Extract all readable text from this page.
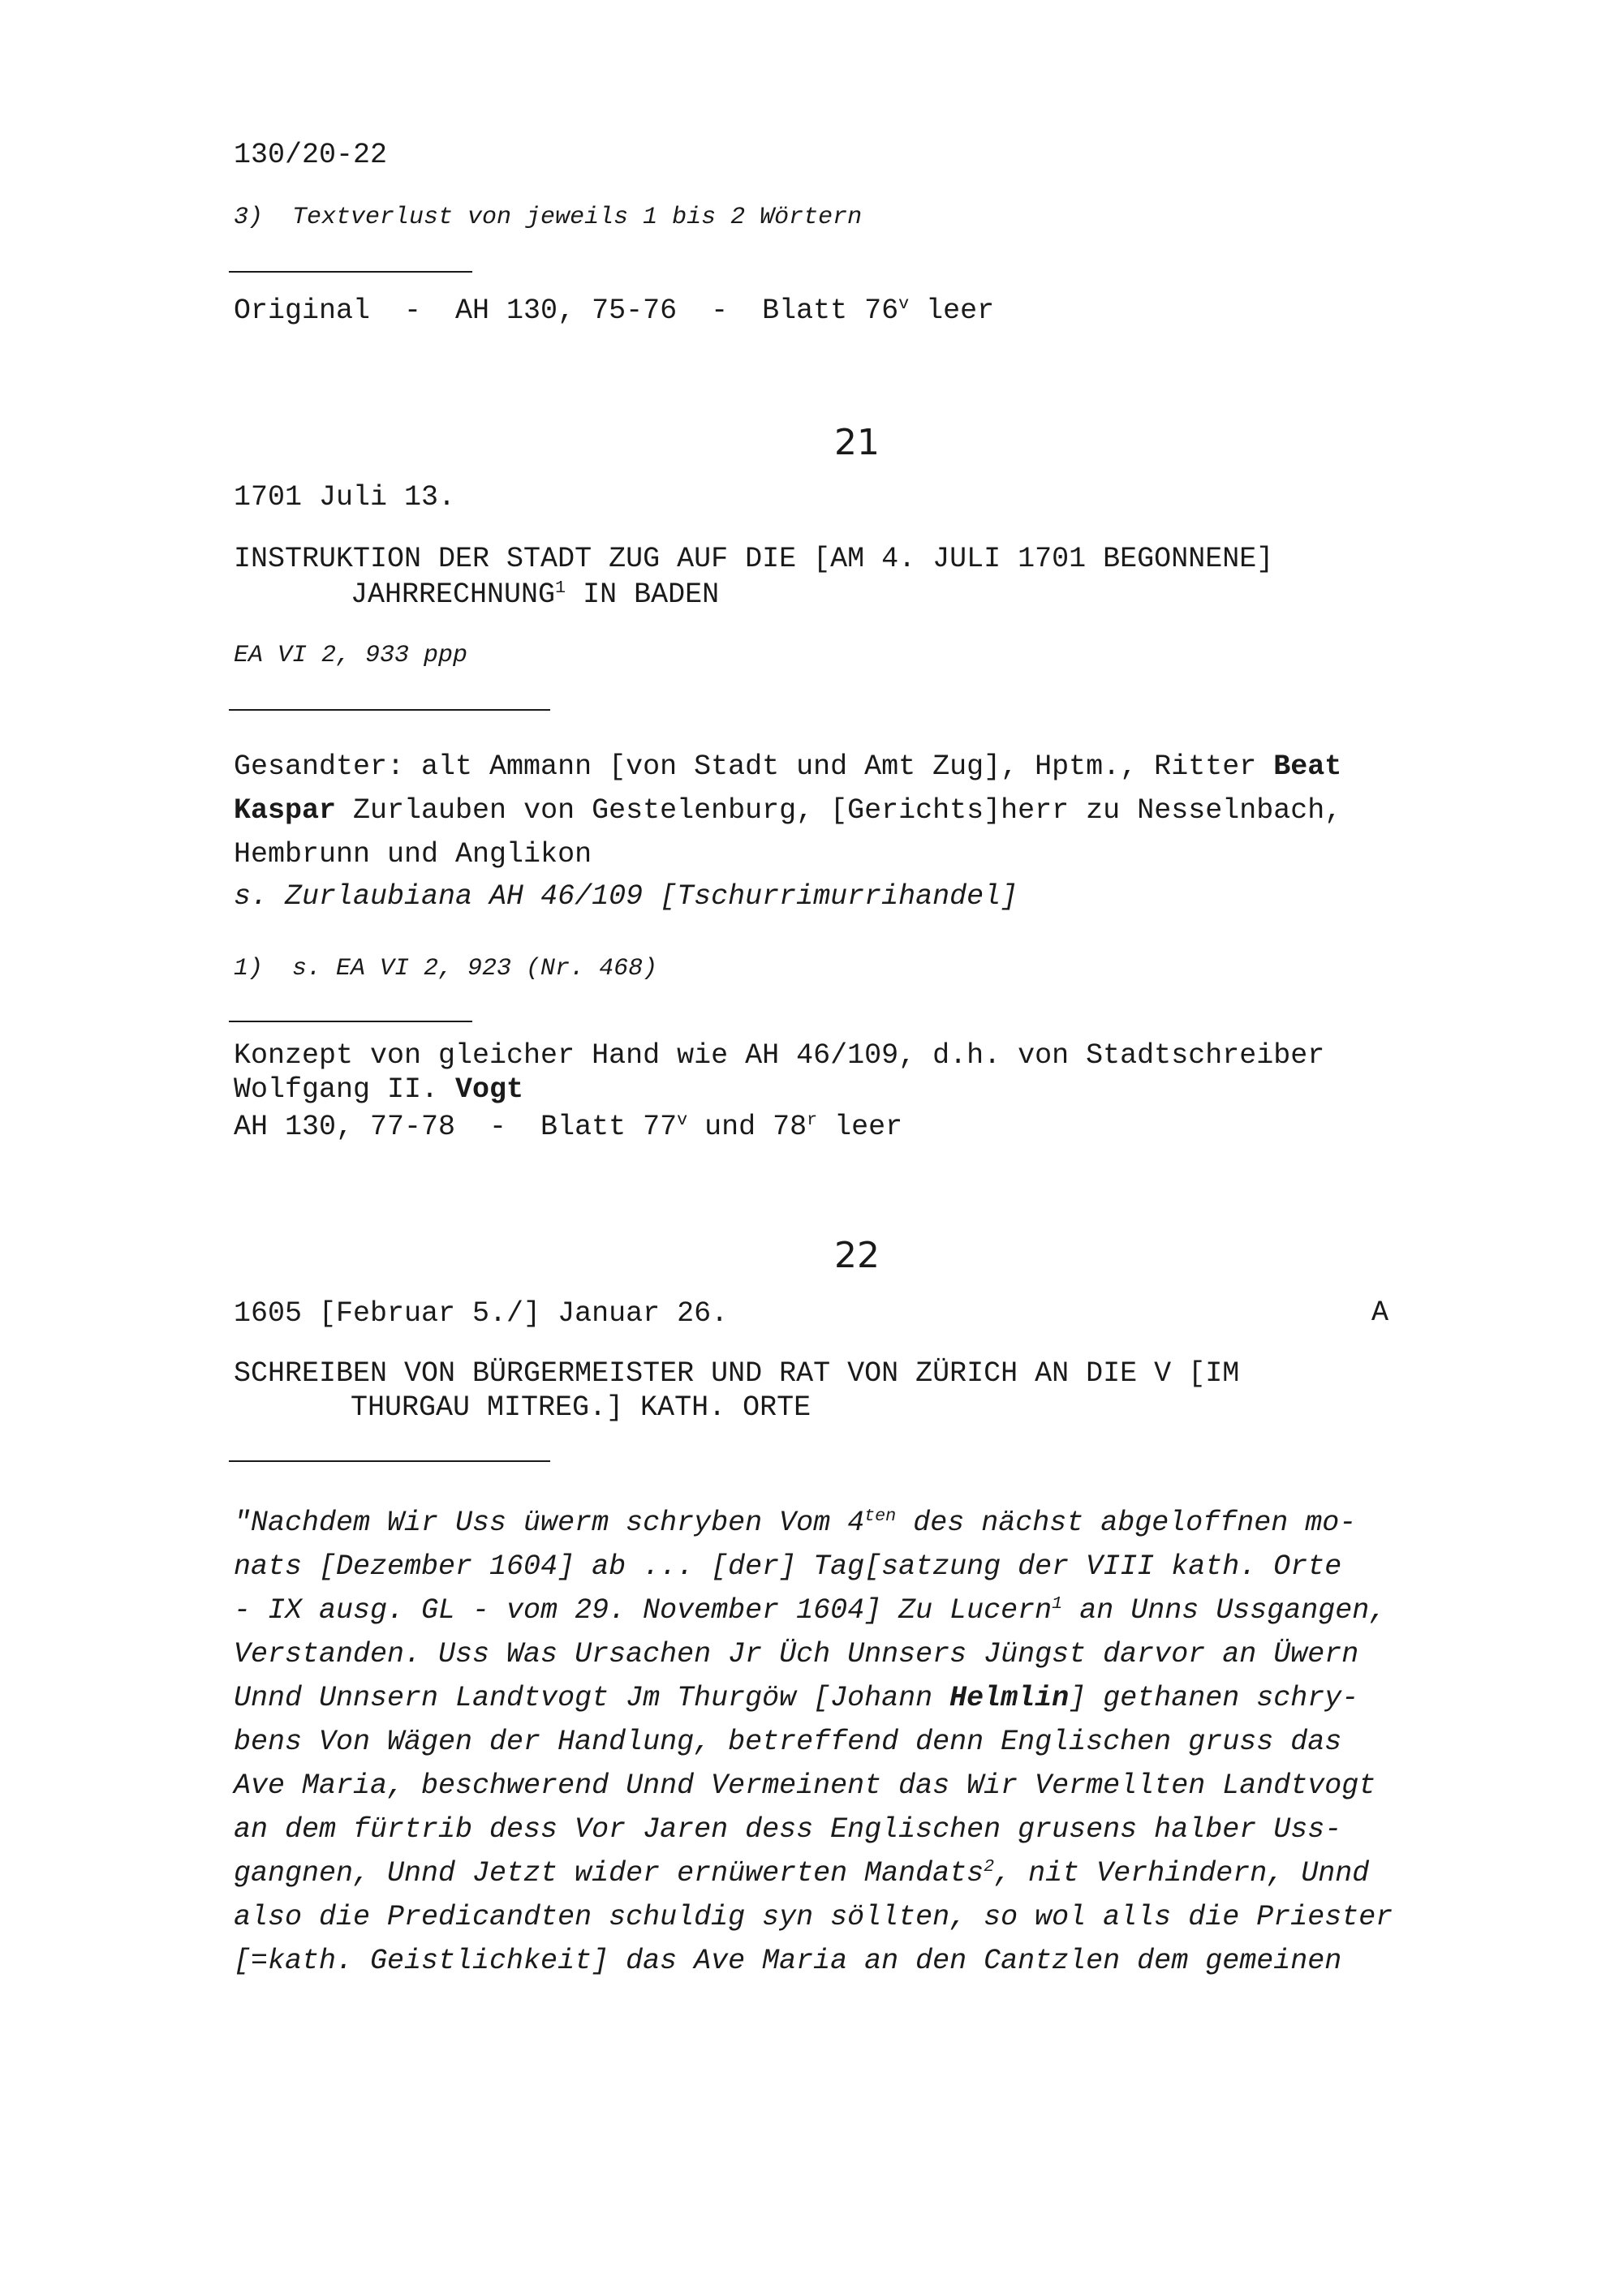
130/20-22
3)  Textverlust von jeweils 1 bis 2 Wörtern
Original  -  AH 130, 75-76  -  Blatt 76$^v$ leer
21
1701 Juli 13.
INSTRUKTION DER STADT ZUG AUF DIE [AM 4. JULI 1701 BEGONNENE]
JAHRRECHNUNG$^1$ IN BADEN
EA VI 2, 933 ppp
Gesandter: alt Ammann [von Stadt und Amt Zug], Hptm., Ritter Beat
Kaspar Zurlauben von Gestelenburg, [Gerichts]herr zu Nesselnbach,
Hembrunn und Anglikon
s. Zurlaubiana AH 46/109 [Tschurrimurrihandel]
1)  s. EA VI 2, 923 (Nr. 468)
Konzept von gleicher Hand wie AH 46/109, d.h. von Stadtschreiber
Wolfgang II. Vogt
AH 130, 77-78  -  Blatt 77$^v$ und 78$^r$ leer
22
1605 [Februar 5./] Januar 26.	A
SCHREIBEN VON BÜRGERMEISTER UND RAT VON ZÜRICH AN DIE V [IM
THURGAU MITREG.] KATH. ORTE
"Nachdem Wir Uss üwerm schryben Vom $4^{ten}$ des nächst abgeloffnen mo-
nats [Dezember 1604] ab ... [der] Tag[satzung der VIII kath. Orte
- IX ausg. GL - vom 29. November 1604] Zu Lucern$^1$ an Unns Ussgangen,
Verstanden. Uss Was Ursachen Jr Üch Unnsers Jüngst darvor an Üwern
Unnd Unnsern Landtvogt Jm Thurgöw [Johann Helmlin] gethanen schry-
bens Von Wägen der Handlung, betreffend denn Englischen gruss das
Ave Maria, beschwerend Unnd Vermeinent das Wir Vermellten Landtvogt
an dem fürtrib dess Vor Jaren dess Englischen grusens halber Uss-
gangnen, Unnd Jetzt wider ernüwerten Mandats$^2$, nit Verhindern, Unnd
also die Predicandten schuldig syn söllten, so wol alls die Priester
[=kath. Geistlichkeit] das Ave Maria an den Cantzlen dem gemeinen
